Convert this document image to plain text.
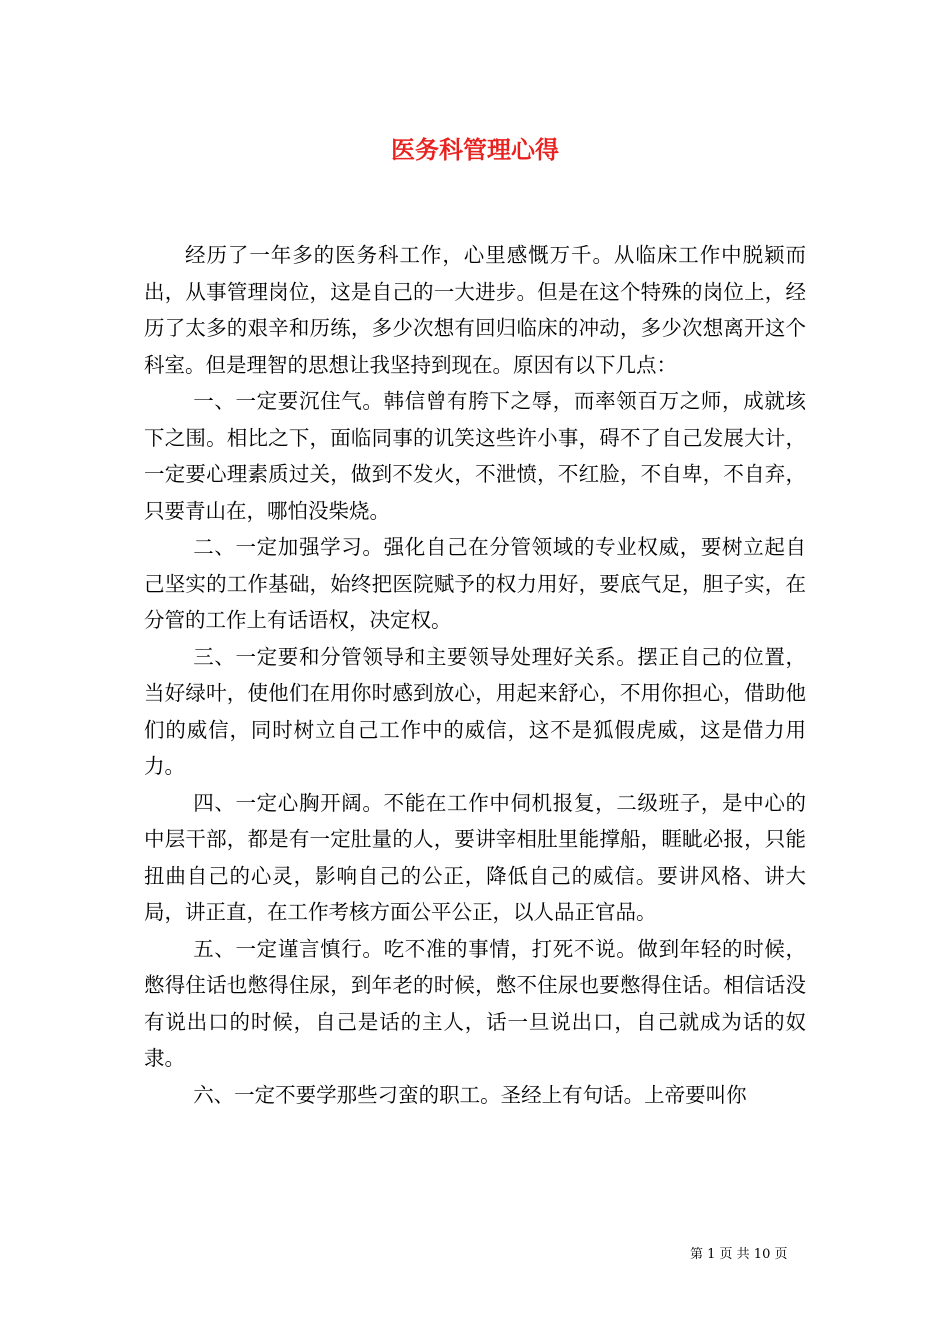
医务科管理心得

经历了一年多的医务科工作，心里感慨万千。从临床工作中脱颖而出，从事管理岗位，这是自己的一大进步。但是在这个特殊的岗位上，经历了太多的艰辛和历练，多少次想有回归临床的冲动，多少次想离开这个科室。但是理智的思想让我坚持到现在。原因有以下几点：

一、一定要沉住气。韩信曾有胯下之辱，而率领百万之师，成就垓下之围。相比之下，面临同事的讥笑这些许小事，碍不了自己发展大计，一定要心理素质过关，做到不发火，不泄愤，不红脸，不自卑，不自弃，只要青山在，哪怕没柴烧。

二、一定加强学习。强化自己在分管领域的专业权威，要树立起自己坚实的工作基础，始终把医院赋予的权力用好，要底气足，胆子实，在分管的工作上有话语权，决定权。

三、一定要和分管领导和主要领导处理好关系。摆正自己的位置，当好绿叶，使他们在用你时感到放心，用起来舒心，不用你担心，借助他们的威信，同时树立自己工作中的威信，这不是狐假虎威，这是借力用力。

四、一定心胸开阔。不能在工作中伺机报复，二级班子，是中心的中层干部，都是有一定肚量的人，要讲宰相肚里能撑船，睚眦必报，只能扭曲自己的心灵，影响自己的公正，降低自己的威信。要讲风格、讲大局，讲正直，在工作考核方面公平公正，以人品正官品。

五、一定谨言慎行。吃不准的事情，打死不说。做到年轻的时候，憋得住话也憋得住尿，到年老的时候，憋不住尿也要憋得住话。相信话没有说出口的时候，自己是话的主人，话一旦说出口，自己就成为话的奴隶。

六、一定不要学那些刁蛮的职工。圣经上有句话。上帝要叫你

第 1 页 共 10 页
